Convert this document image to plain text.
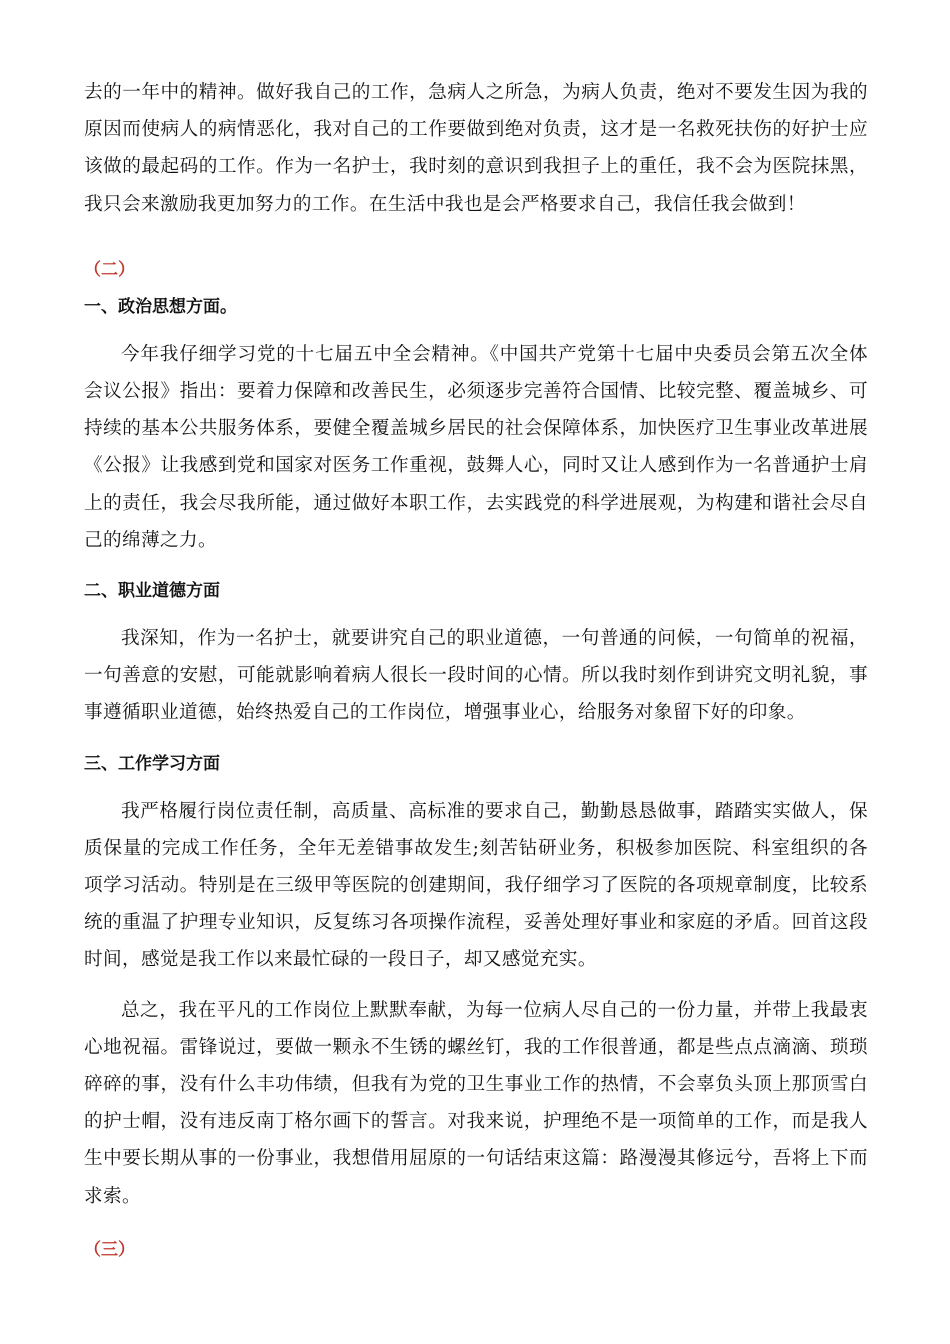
去的一年中的精神。做好我自己的工作，急病人之所急，为病人负责，绝对不要发生因为我的原因而使病人的病情恶化，我对自己的工作要做到绝对负责，这才是一名救死扶伤的好护士应该做的最起码的工作。作为一名护士，我时刻的意识到我担子上的重任，我不会为医院抹黑，我只会来激励我更加努力的工作。在生活中我也是会严格要求自己，我信任我会做到！

（二）

一、政治思想方面。

今年我仔细学习党的十七届五中全会精神。《中国共产党第十七届中央委员会第五次全体会议公报》指出：要着力保障和改善民生，必须逐步完善符合国情、比较完整、覆盖城乡、可持续的基本公共服务体系，要健全覆盖城乡居民的社会保障体系，加快医疗卫生事业改革进展《公报》让我感到党和国家对医务工作重视，鼓舞人心，同时又让人感到作为一名普通护士肩上的责任，我会尽我所能，通过做好本职工作，去实践党的科学进展观，为构建和谐社会尽自己的绵薄之力。

二、职业道德方面

我深知，作为一名护士，就要讲究自己的职业道德，一句普通的问候，一句简单的祝福，一句善意的安慰，可能就影响着病人很长一段时间的心情。所以我时刻作到讲究文明礼貌，事事遵循职业道德，始终热爱自己的工作岗位，增强事业心，给服务对象留下好的印象。

三、工作学习方面

我严格履行岗位责任制，高质量、高标准的要求自己，勤勤恳恳做事，踏踏实实做人，保质保量的完成工作任务，全年无差错事故发生;刻苦钻研业务，积极参加医院、科室组织的各项学习活动。特别是在三级甲等医院的创建期间，我仔细学习了医院的各项规章制度，比较系统的重温了护理专业知识，反复练习各项操作流程，妥善处理好事业和家庭的矛盾。回首这段时间，感觉是我工作以来最忙碌的一段日子，却又感觉充实。

总之，我在平凡的工作岗位上默默奉献，为每一位病人尽自己的一份力量，并带上我最衷心地祝福。雷锋说过，要做一颗永不生锈的螺丝钉，我的工作很普通，都是些点点滴滴、琐琐碎碎的事，没有什么丰功伟绩，但我有为党的卫生事业工作的热情，不会辜负头顶上那顶雪白的护士帽，没有违反南丁格尔画下的誓言。对我来说，护理绝不是一项简单的工作，而是我人生中要长期从事的一份事业，我想借用屈原的一句话结束这篇：路漫漫其修远兮，吾将上下而求索。

（三）
